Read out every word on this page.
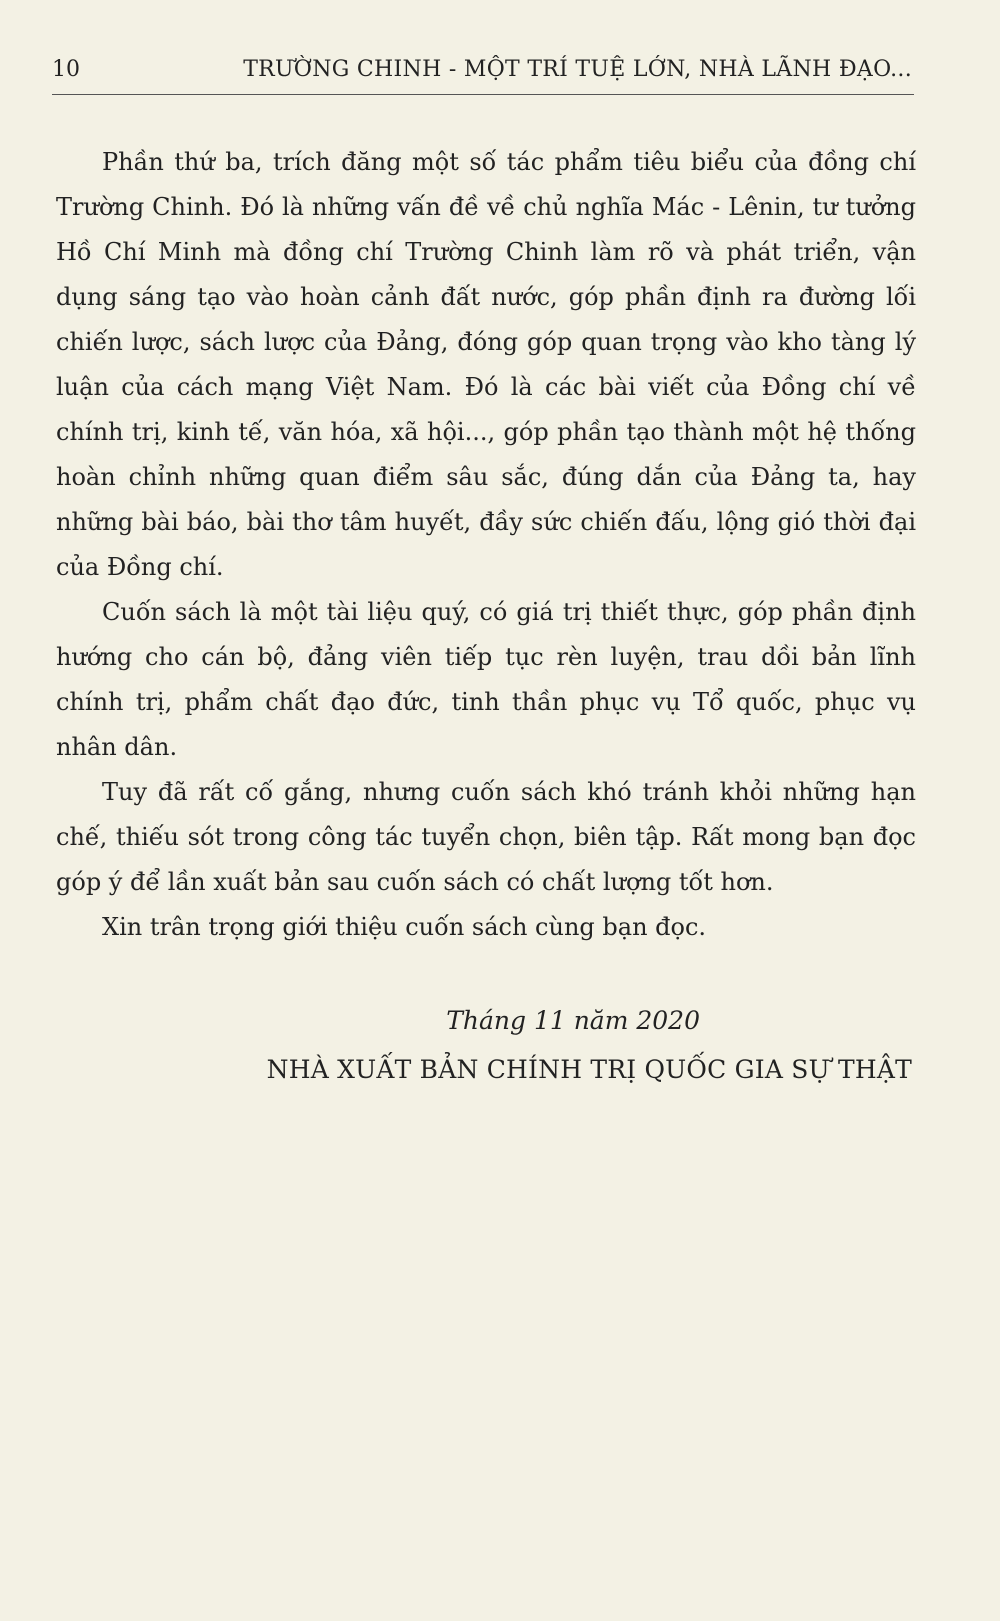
10	TRƯỜNG CHINH - MỘT TRÍ TUỆ LỚN, NHÀ LÃNH ĐẠO...

Phần thứ ba, trích đăng một số tác phẩm tiêu biểu của đồng chí Trường Chinh. Đó là những vấn đề về chủ nghĩa Mác - Lênin, tư tưởng Hồ Chí Minh mà đồng chí Trường Chinh làm rõ và phát triển, vận dụng sáng tạo vào hoàn cảnh đất nước, góp phần định ra đường lối chiến lược, sách lược của Đảng, đóng góp quan trọng vào kho tàng lý luận của cách mạng Việt Nam. Đó là các bài viết của Đồng chí về chính trị, kinh tế, văn hóa, xã hội..., góp phần tạo thành một hệ thống hoàn chỉnh những quan điểm sâu sắc, đúng dắn của Đảng ta, hay những bài báo, bài thơ tâm huyết, đầy sức chiến đấu, lộng gió thời đại của Đồng chí.

Cuốn sách là một tài liệu quý, có giá trị thiết thực, góp phần định hướng cho cán bộ, đảng viên tiếp tục rèn luyện, trau dồi bản lĩnh chính trị, phẩm chất đạo đức, tinh thần phục vụ Tổ quốc, phục vụ nhân dân.

Tuy đã rất cố gắng, nhưng cuốn sách khó tránh khỏi những hạn chế, thiếu sót trong công tác tuyển chọn, biên tập. Rất mong bạn đọc góp ý để lần xuất bản sau cuốn sách có chất lượng tốt hơn.

Xin trân trọng giới thiệu cuốn sách cùng bạn đọc.

Tháng 11 năm 2020
NHÀ XUẤT BẢN CHÍNH TRỊ QUỐC GIA SỰ THẬT
